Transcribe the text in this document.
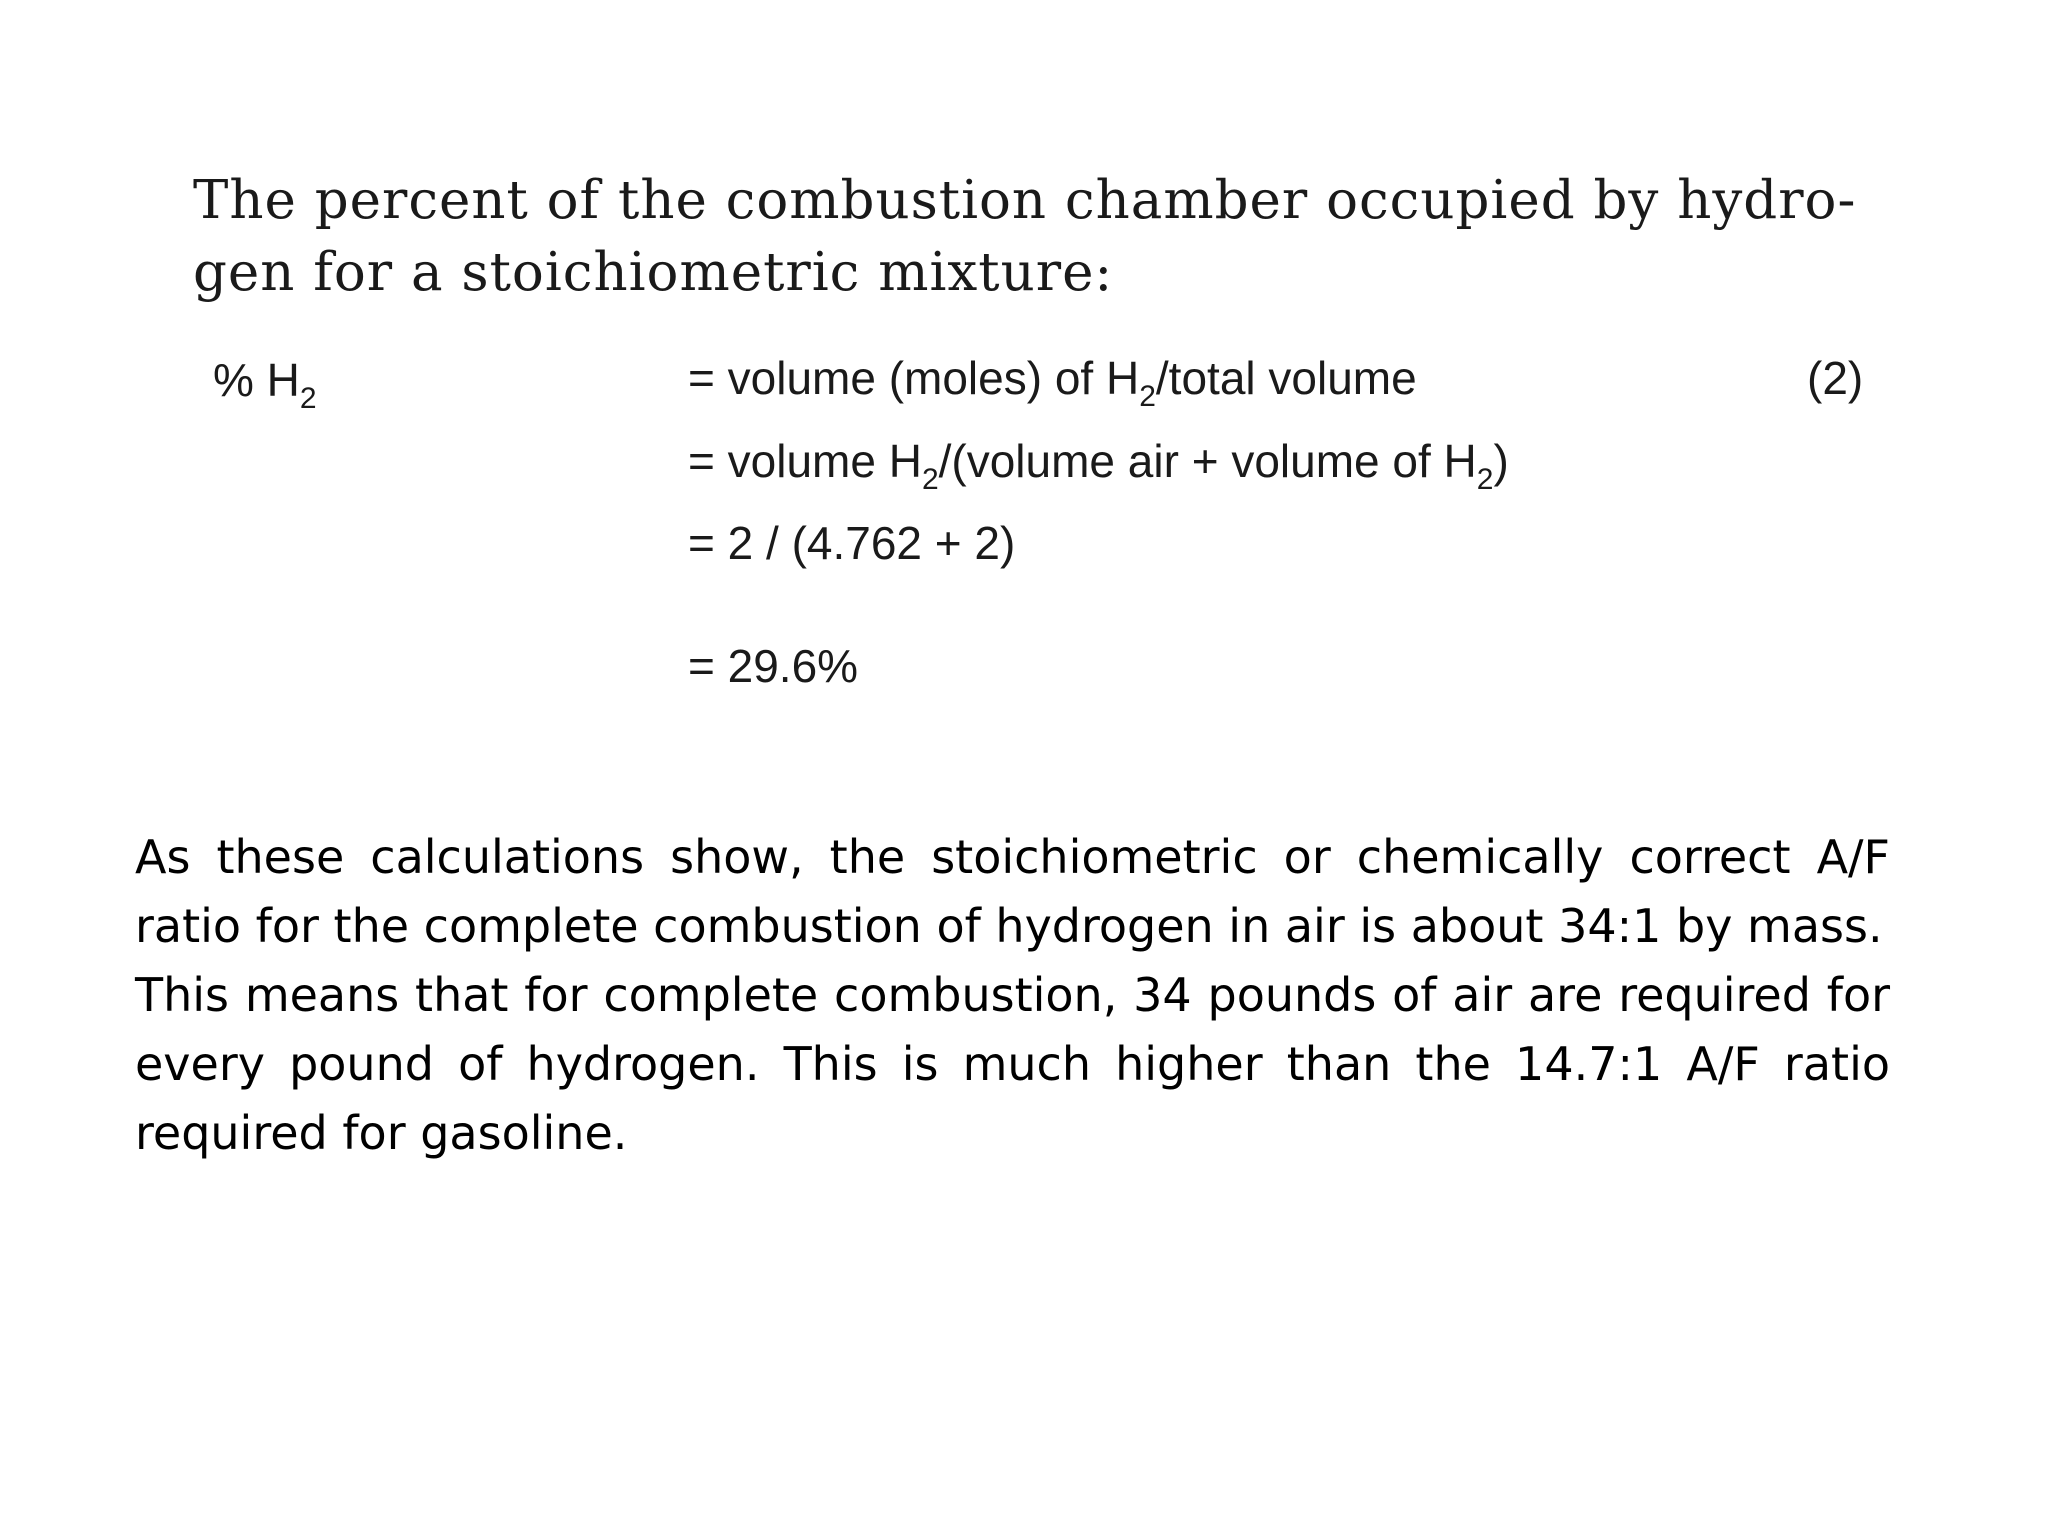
The percent of the combustion chamber occupied by hydro-
gen for a stoichiometric mixture:
% $H_2$	= volume (moles) of $H_2$/total volume	(2)
= volume $H_2/(volume$ air + volume of $H_2$)
= 2 / (4.762 + 2)
= 29.6%

As these calculations show, the stoichiometric or chemically correct A/F ratio for the complete combustion of hydrogen in air is about 34:1 by mass.

This means that for complete combustion, 34 pounds of air are required for every pound of hydrogen. This is much higher than the 14.7:1 A/F ratio required for gasoline.
